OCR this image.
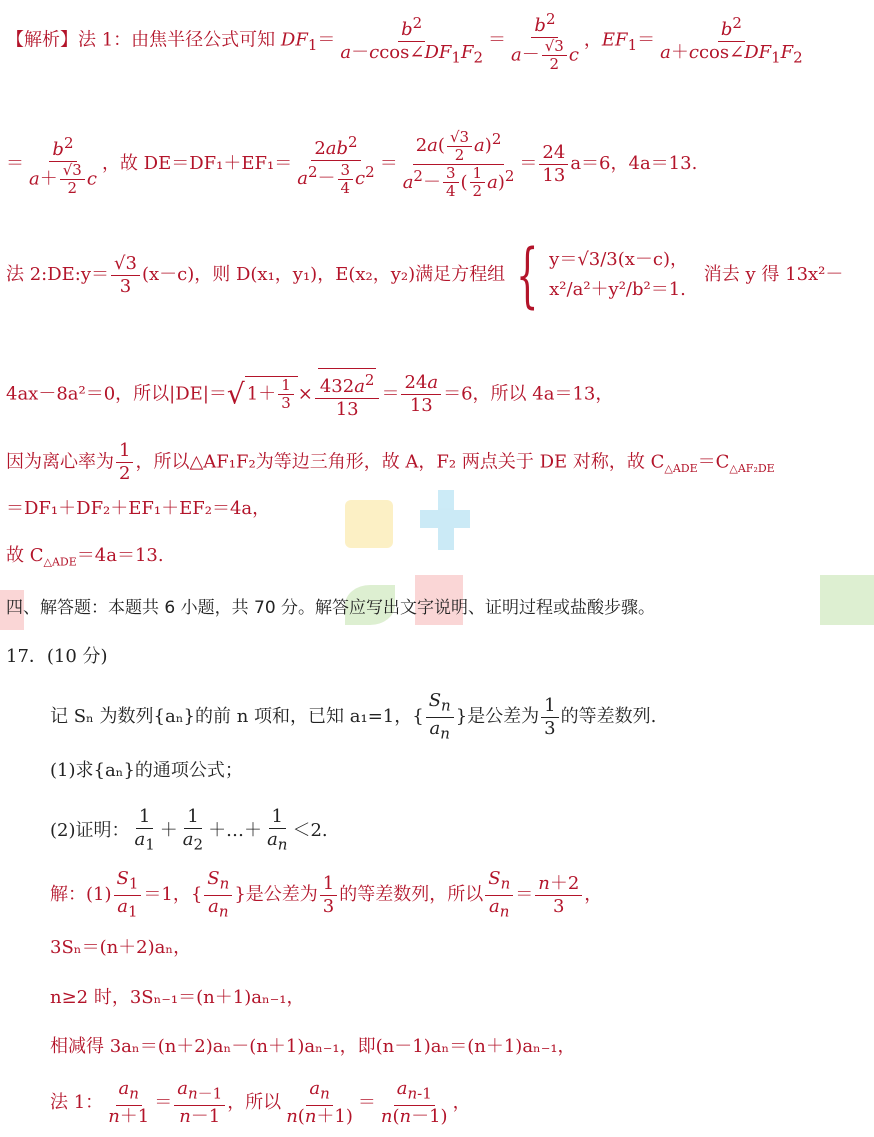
【解析】法 1：由焦半径公式可知 $DF_1= \frac{b^2}{a-ccos\angle DF_1F_2} = \frac{b^2}{a- \frac{√3}{2} c}$ ，$EF_1= \frac{b^2}{a+ccos\angle DF_1F_2}$
＝ $\frac{b^2}{a+ \frac{√3}{2} c}$ ，故 $DE=DF_1+EF_1= \frac{2ab^2}{a^2- \frac{3}{4} c^2} = \frac{2a( \frac{√3}{2} a)^2}{a^2- \frac{3}{4} ( \frac{1}{2} a)^2} = \frac{24}{13} a=6$，4a＝13.
法 2:DE:y＝ $\frac{√3}{3} (x-c)$，则 D(x₁，y₁)，E(x₂，y₂)满足方程组 { y＝√3/3(x－c)，
x²/a²＋y²/b²＝1.
消去 y 得 13x²－
4ax－8a²＝0，所以|DE|＝√ $1+ \frac{1}{3} \times \frac{432a^2}{13} = \frac{24a}{13} =6$，所以 4a＝13，
因为离心率为 $\frac{1}{2}$ ，所以△AF₁F₂为等边三角形，故 A，F₂ 两点关于 DE 对称，故 $C_{\triangle ADE}=C_{\triangle AF_2DE}$
＝DF₁＋DF₂＋EF₁＋EF₂＝4a，
故 $C_{\triangle ADE}=4a=13$.
四、解答题：本题共 6 小题，共 70 分。解答应写出文字说明、证明过程或盐酸步骤。
17．(10 分)
记 Sₙ 为数列{aₙ}的前 n 项和，已知 a₁=1，{ $\frac{S_n}{a_n}$ }是公差为 $\frac{1}{3}$ 的等差数列.
(1)求{aₙ}的通项公式；
(2)证明： $\frac{1}{a_1} + \frac{1}{a_2}$ ＋…＋ $\frac{1}{a_n} <2$.
解：$(1) \frac{S_1}{a_1} =1$，{ $\frac{S_n}{a_n}$ }是公差为 $\frac{1}{3}$ 的等差数列，所以 $\frac{S_n}{a_n} = \frac{n+2}{3}$ ，
3Sₙ＝(n＋2)aₙ，
n≥2 时，3Sₙ₋₁＝(n＋1)aₙ₋₁，
相减得 3aₙ＝(n＋2)aₙ－(n＋1)aₙ₋₁，即(n－1)aₙ＝(n＋1)aₙ₋₁，
法 1： $\frac{a_n}{n+1} = \frac{a_{n-1}}{n-1}$ ，所以 $\frac{a_n}{n(n+1)} = \frac{a_{n-1}}{n(n-1)}$ ，
